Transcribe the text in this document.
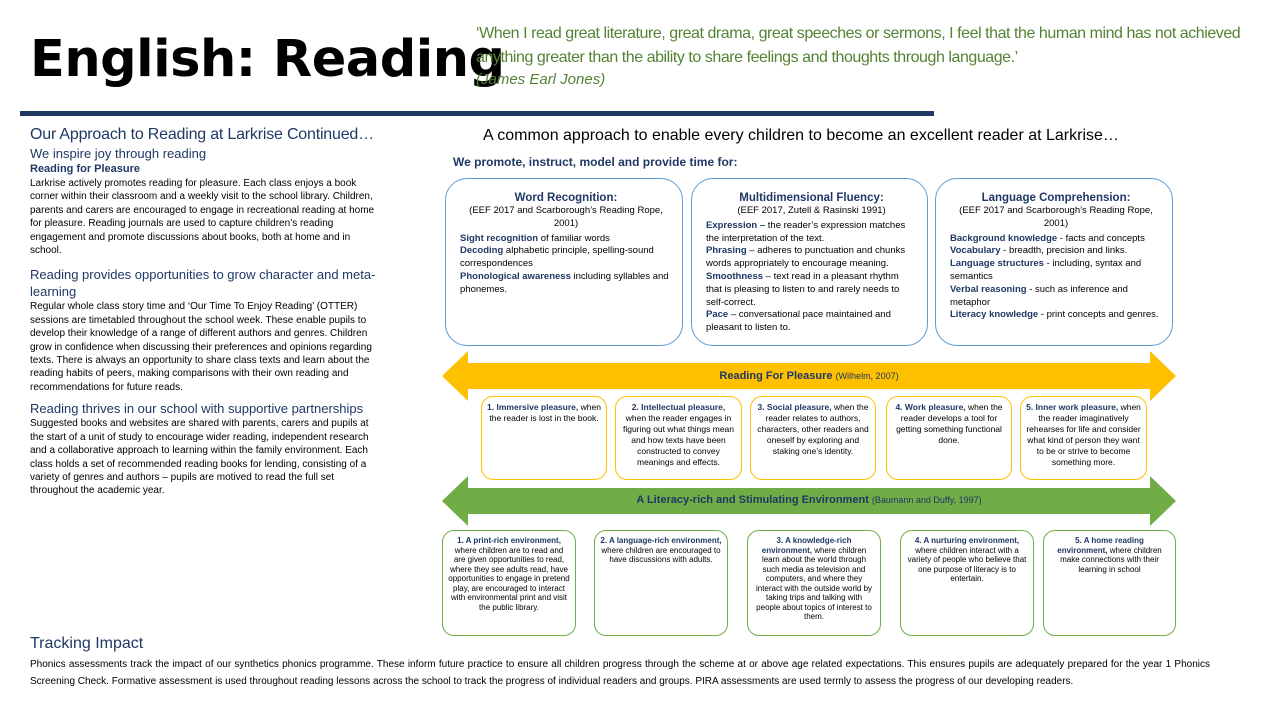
English: Reading
‘When I read great literature, great drama, great speeches or sermons, I feel that the human mind has not achieved anything greater than the ability to share feelings and thoughts through language.’
(James Earl Jones)
Our Approach to Reading at Larkrise Continued…
We inspire joy through reading
Reading for Pleasure
Larkrise actively promotes reading for pleasure. Each class enjoys a book corner within their classroom and a weekly visit to the school library. Children, parents and carers are encouraged to engage in recreational reading at home for pleasure. Reading journals are used to capture children’s reading engagement and promote discussions about books, both at home and in school.
Reading provides opportunities to grow character and meta-learning
Regular whole class story time and ‘Our Time To Enjoy Reading’ (OTTER) sessions are timetabled throughout the school week. These enable pupils to develop their knowledge of a range of different authors and genres. Children grow in confidence when discussing their preferences and opinions regarding texts. There is always an opportunity to share class texts and learn about the reading habits of peers, making comparisons with their own reading and recommendations for future reads.
Reading thrives in our school with supportive partnerships
Suggested books and websites are shared with parents, carers and pupils at the start of a unit of study to encourage wider reading, independent research and a collaborative approach to learning within the family environment. Each class holds a set of recommended reading books for lending, consisting of a variety of genres and authors – pupils are motived to read the full set throughout the academic year.
Tracking Impact
Phonics assessments track the impact of our synthetics phonics programme. These inform future practice to ensure all children progress through the scheme at or above age related expectations. This ensures pupils are adequately prepared for the year 1 Phonics Screening Check. Formative assessment is used throughout reading lessons across the school to track the progress of individual readers and groups. PIRA assessments are used termly to assess the progress of our developing readers.
A common approach to enable every children to become an excellent reader at Larkrise…
We promote, instruct, model and provide time for:
Word Recognition:
(EEF 2017 and Scarborough’s Reading Rope, 2001)
Sight recognition of familiar words
Decoding alphabetic principle, spelling-sound correspondences
Phonological awareness including syllables and phonemes.
Multidimensional Fluency:
(EEF 2017, Zutell & Rasinski 1991)
Expression – the reader’s expression matches the interpretation of the text.
Phrasing – adheres to punctuation and chunks words appropriately to encourage meaning.
Smoothness – text read in a pleasant rhythm that is pleasing to listen to and rarely needs to self-correct.
Pace – conversational pace maintained and pleasant to listen to.
Language Comprehension:
(EEF 2017 and Scarborough’s Reading Rope, 2001)
Background knowledge - facts and concepts
Vocabulary - breadth, precision and links.
Language structures - including, syntax and semantics
Verbal reasoning - such as inference and metaphor
Literacy knowledge - print concepts and genres.
Reading For Pleasure (Wilhelm, 2007)
1. Immersive pleasure, when the reader is lost in the book.
2. Intellectual pleasure, when the reader engages in figuring out what things mean and how texts have been constructed to convey meanings and effects.
3. Social pleasure, when the reader relates to authors, characters, other readers and oneself by exploring and staking one’s identity.
4. Work pleasure, when the reader develops a tool for getting something functional done.
5. Inner work pleasure, when the reader imaginatively rehearses for life and consider what kind of person they want to be or strive to become something more.
A Literacy-rich and Stimulating Environment (Baumann and Duffy, 1997)
1. A print-rich environment, where children are to read and are given opportunities to read, where they see adults read, have opportunities to engage in pretend play, are encouraged to interact with environmental print and visit the public library.
2. A language-rich environment, where children are encouraged to have discussions with adults.
3. A knowledge-rich environment, where children learn about the world through such media as television and computers, and where they interact with the outside world by taking trips and talking with people about topics of interest to them.
4. A nurturing environment, where children interact with a variety of people who believe that one purpose of literacy is to entertain.
5. A home reading environment, where children make connections with their learning in school
